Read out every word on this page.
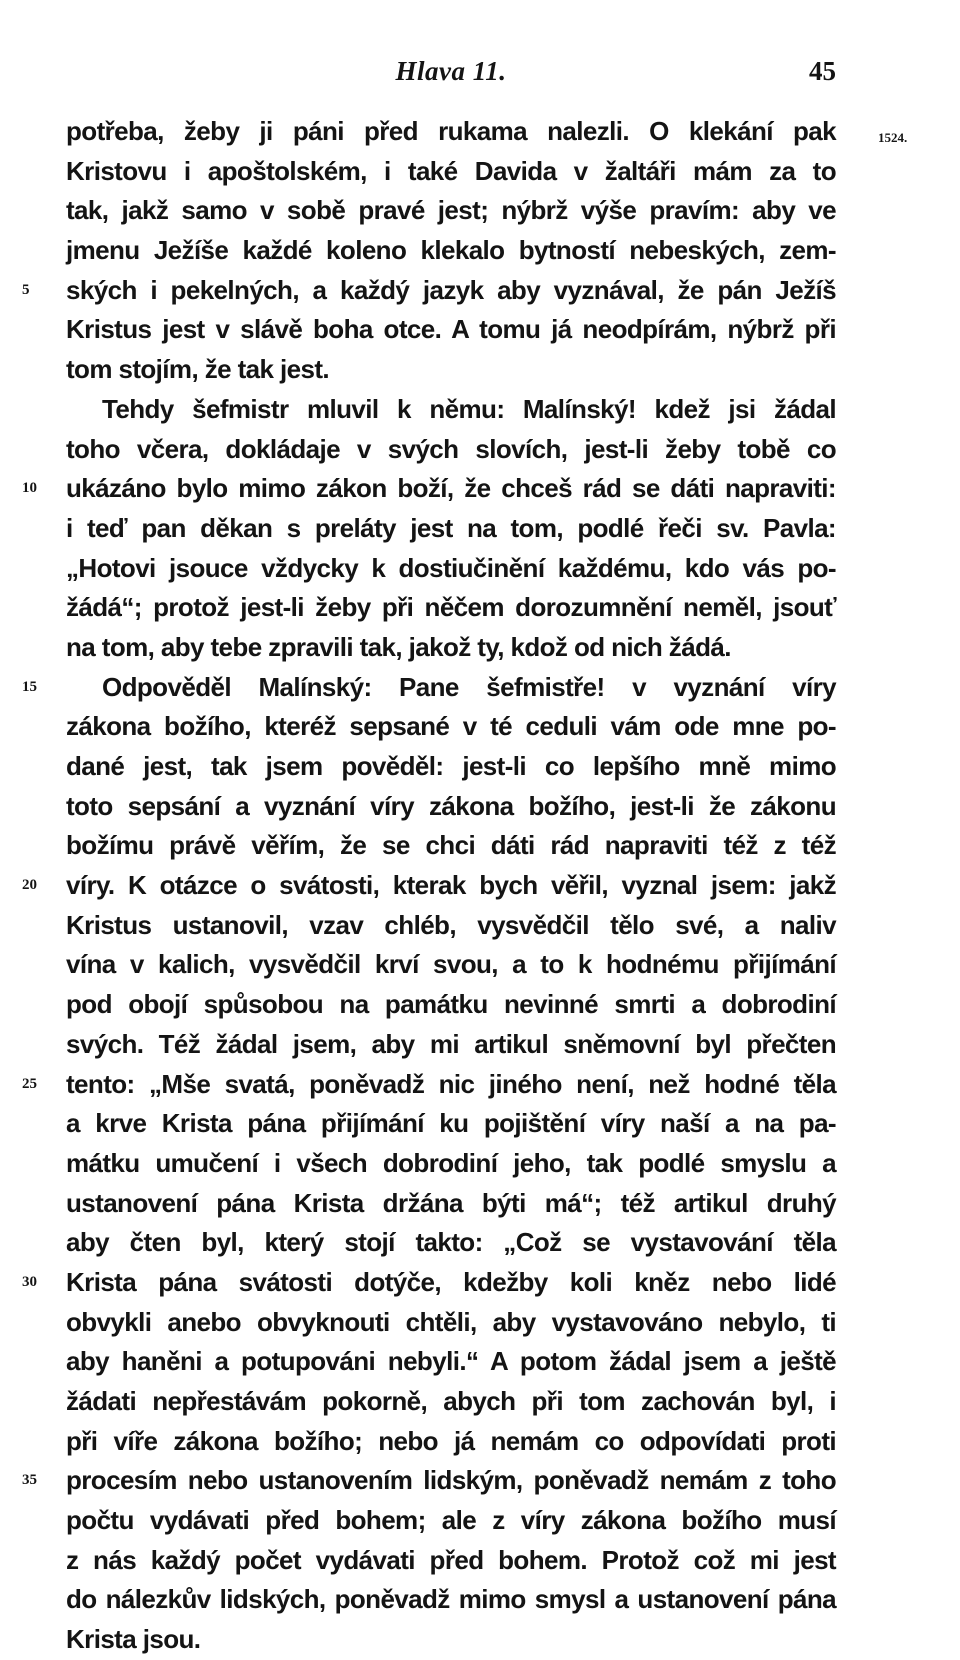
Hlava 11.	45
1524.
potřeba, žeby ji páni před rukama nalezli. O klekání pak
Kristovu i apoštolském, i také Davida v žaltáři mám za to
tak, jakž samo v sobě pravé jest; nýbrž výše pravím: aby ve
jmenu Ježíše každé koleno klekalo bytností nebeských, zem-
5	ských i pekelných, a každý jazyk aby vyznával, že pán Ježíš
Kristus jest v slávě boha otce. A tomu já neodpírám, nýbrž při
tom stojím, že tak jest.
Tehdy šefmistr mluvil k němu: Malínský! kdež jsi žádal
toho včera, dokládaje v svých slovích, jest-li žeby tobě co
10	ukázáno bylo mimo zákon boží, že chceš rád se dáti napraviti:
i teď pan děkan s preláty jest na tom, podlé řeči sv. Pavla:
„Hotovi jsouce vždycky k dostiučinění každému, kdo vás po-
žádá“; protož jest-li žeby při něčem dorozumnění neměl, jsouť
na tom, aby tebe zpravili tak, jakož ty, kdož od nich žádá.
15	Odpověděl Malínský: Pane šefmistře! v vyznání víry
zákona božího, kteréž sepsané v té ceduli vám ode mne po-
dané jest, tak jsem pověděl: jest-li co lepšího mně mimo
toto sepsání a vyznání víry zákona božího, jest-li že zákonu
božímu právě věřím, že se chci dáti rád napraviti též z též
20	víry. K otázce o svátosti, kterak bych věřil, vyznal jsem: jakž
Kristus ustanovil, vzav chléb, vysvědčil tělo své, a naliv
vína v kalich, vysvědčil krví svou, a to k hodnému přijímání
pod obojí spůsobou na památku nevinné smrti a dobrodiní
svých. Též žádal jsem, aby mi artikul sněmovní byl přečten
25	tento: „Mše svatá, poněvadž nic jiného není, než hodné těla
a krve Krista pána přijímání ku pojištění víry naší a na pa-
mátku umučení i všech dobrodiní jeho, tak podlé smyslu a
ustanovení pána Krista držána býti má“; též artikul druhý
aby čten byl, který stojí takto: „Což se vystavování těla
30	Krista pána svátosti dotýče, kdežby koli kněz nebo lidé
obvykli anebo obvyknouti chtěli, aby vystavováno nebylo, ti
aby haněni a potupováni nebyli.“ A potom žádal jsem a ještě
žádati nepřestávám pokorně, abych při tom zachován byl, i
při víře zákona božího; nebo já nemám co odpovídati proti
35	procesím nebo ustanovením lidským, poněvadž nemám z toho
počtu vydávati před bohem; ale z víry zákona božího musí
z nás každý počet vydávati před bohem. Protož což mi jest
do nálezkův lidských, poněvadž mimo smysl a ustanovení pána
Krista jsou.
